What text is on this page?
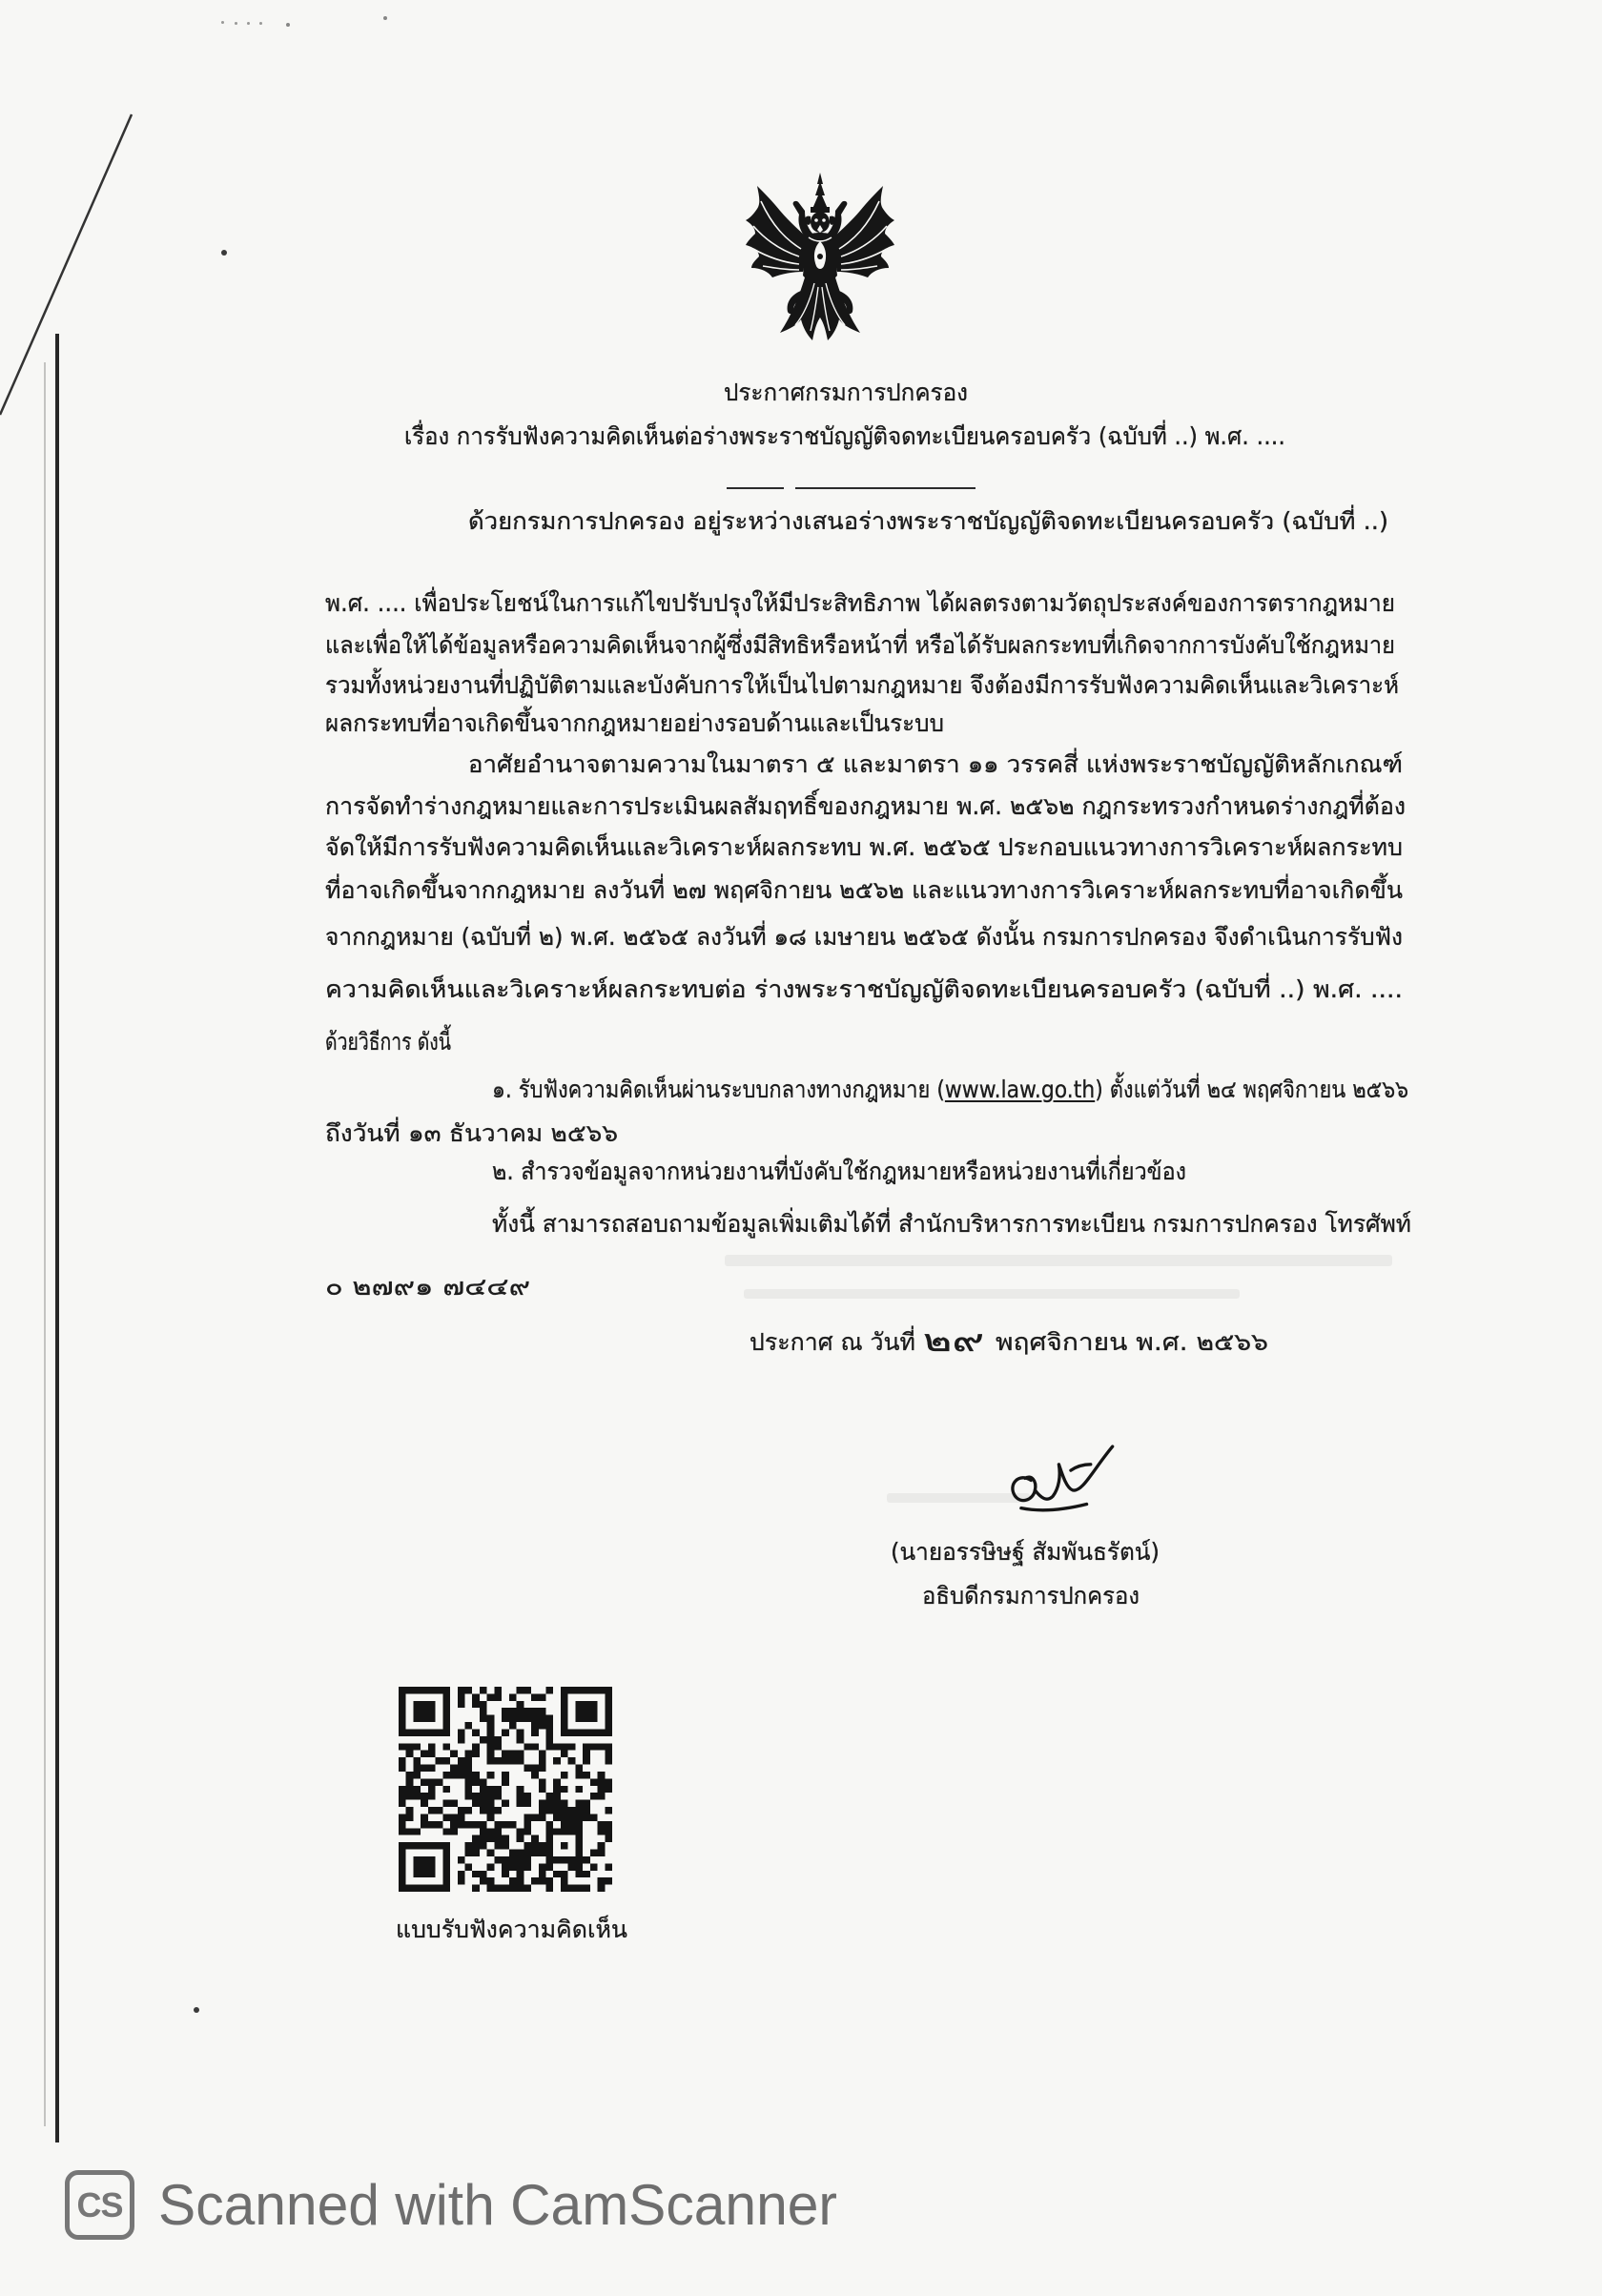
ประกาศกรมการปกครอง
เรื่อง การรับฟังความคิดเห็นต่อร่างพระราชบัญญัติจดทะเบียนครอบครัว (ฉบับที่ ..) พ.ศ. ....
ด้วยกรมการปกครอง อยู่ระหว่างเสนอร่างพระราชบัญญัติจดทะเบียนครอบครัว (ฉบับที่ ..)
พ.ศ. .... เพื่อประโยชน์ในการแก้ไขปรับปรุงให้มีประสิทธิภาพ ได้ผลตรงตามวัตถุประสงค์ของการตรากฎหมาย
และเพื่อให้ได้ข้อมูลหรือความคิดเห็นจากผู้ซึ่งมีสิทธิหรือหน้าที่ หรือได้รับผลกระทบที่เกิดจากการบังคับใช้กฎหมาย
รวมทั้งหน่วยงานที่ปฏิบัติตามและบังคับการให้เป็นไปตามกฎหมาย จึงต้องมีการรับฟังความคิดเห็นและวิเคราะห์
ผลกระทบที่อาจเกิดขึ้นจากกฎหมายอย่างรอบด้านและเป็นระบบ
อาศัยอำนาจตามความในมาตรา ๕ และมาตรา ๑๑ วรรคสี่ แห่งพระราชบัญญัติหลักเกณฑ์
การจัดทำร่างกฎหมายและการประเมินผลสัมฤทธิ์ของกฎหมาย พ.ศ. ๒๕๖๒ กฎกระทรวงกำหนดร่างกฎที่ต้อง
จัดให้มีการรับฟังความคิดเห็นและวิเคราะห์ผลกระทบ พ.ศ. ๒๕๖๕ ประกอบแนวทางการวิเคราะห์ผลกระทบ
ที่อาจเกิดขึ้นจากกฎหมาย ลงวันที่ ๒๗ พฤศจิกายน ๒๕๖๒ และแนวทางการวิเคราะห์ผลกระทบที่อาจเกิดขึ้น
จากกฎหมาย (ฉบับที่ ๒) พ.ศ. ๒๕๖๕ ลงวันที่ ๑๘ เมษายน ๒๕๖๕ ดังนั้น กรมการปกครอง จึงดำเนินการรับฟัง
ความคิดเห็นและวิเคราะห์ผลกระทบต่อ ร่างพระราชบัญญัติจดทะเบียนครอบครัว (ฉบับที่ ..) พ.ศ. ....
ด้วยวิธีการ ดังนี้
๑. รับฟังความคิดเห็นผ่านระบบกลางทางกฎหมาย (www.law.go.th) ตั้งแต่วันที่ ๒๔ พฤศจิกายน ๒๕๖๖
ถึงวันที่ ๑๓ ธันวาคม ๒๕๖๖
๒. สำรวจข้อมูลจากหน่วยงานที่บังคับใช้กฎหมายหรือหน่วยงานที่เกี่ยวข้อง
ทั้งนี้ สามารถสอบถามข้อมูลเพิ่มเติมได้ที่ สำนักบริหารการทะเบียน กรมการปกครอง โทรศัพท์
๐ ๒๗๙๑ ๗๔๔๙
ประกาศ ณ วันที่ ๒๙ พฤศจิกายน พ.ศ. ๒๕๖๖
(นายอรรษิษฐ์ สัมพันธรัตน์)
อธิบดีกรมการปกครอง
แบบรับฟังความคิดเห็น
CS Scanned with CamScanner
